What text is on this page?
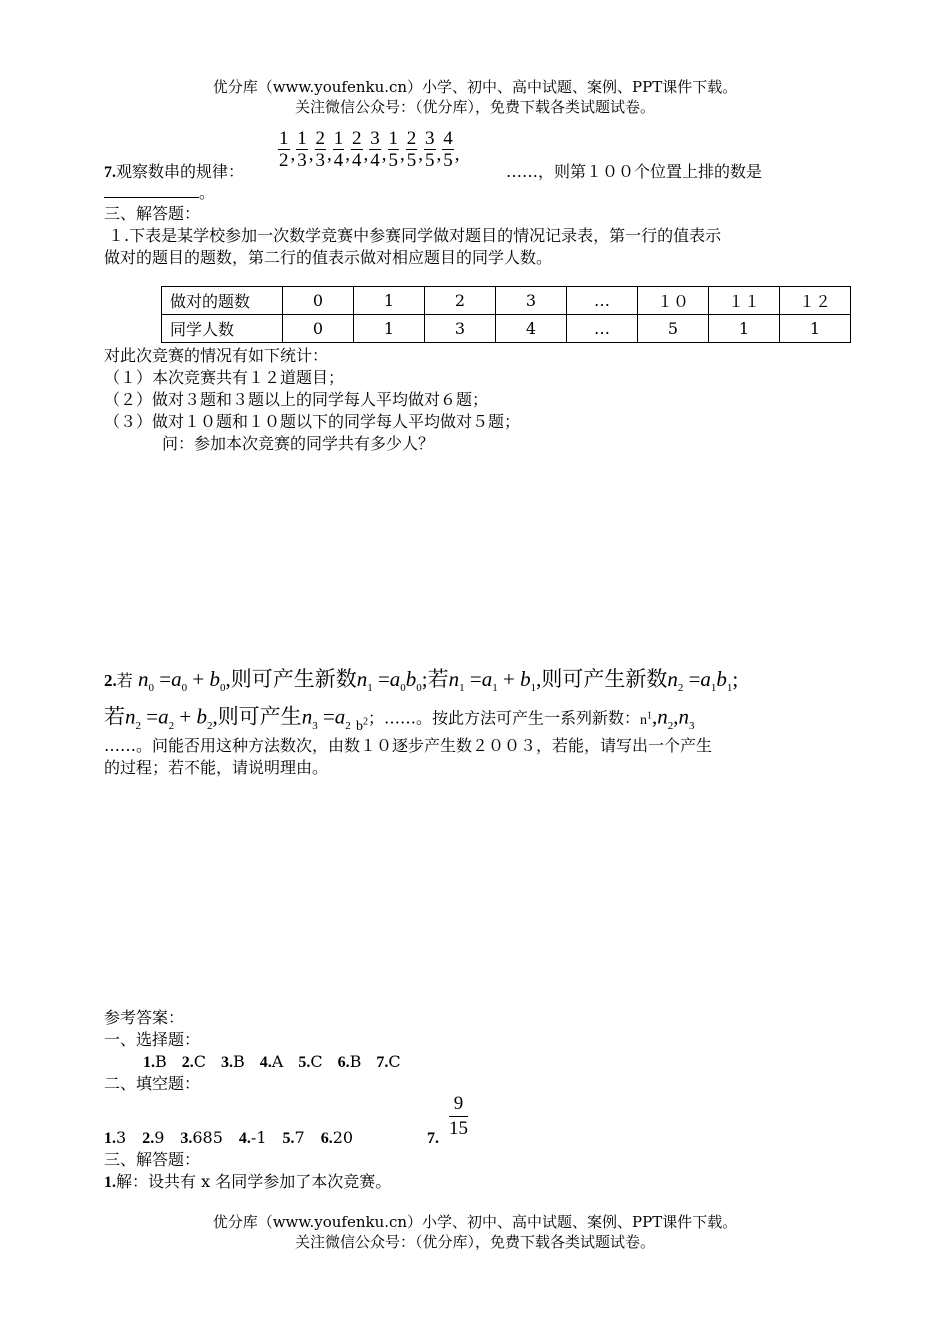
优分库（www.youfenku.cn）小学、初中、高中试题、案例、PPT课件下载。
关注微信公众号：（优分库），免费下载各类试题试卷。
7.观察数串的规律：
$\frac{1}{2}$ , $\frac{1}{3}$ , $\frac{2}{3}$ , $\frac{1}{4}$ , $\frac{2}{4}$ , $\frac{3}{4}$ , $\frac{1}{5}$ , $\frac{2}{5}$ , $\frac{3}{5}$ , $\frac{4}{5}$ ,
……，则第１００个位置上排的数是
。
三、解答题：
１.下表是某学校参加一次数学竞赛中参赛同学做对题目的情况记录表，第一行的值表示
做对的题目的题数，第二行的值表示做对相应题目的同学人数。
做对的题数	0	1	2	3	…	１０	１１	１２
同学人数	0	1	3	4	…	5	1	1
对此次竞赛的情况有如下统计：
（１）本次竞赛共有１２道题目；
（２）做对３题和３题以上的同学每人平均做对６题；
（３）做对１０题和１０题以下的同学每人平均做对５题；
问：参加本次竞赛的同学共有多少人？
2.若 $n_0 =a_0 + b_0$,则可产生新数$n_1 =a_0b_0$;若$n_1 =a_1 + b_1$,则可产生新数$n_2 =a_1b_1$;
若$n_2 =a_2 + b_2$,则可产生$n_3 =a_2$ $_{b^2}$；……。按此方法可产生一系列新数：$n^1,n_2,n_3$
……。问能否用这种方法数次，由数１０逐步产生数２００３，若能，请写出一个产生
的过程；若不能，请说明理由。
参考答案：
一、选择题：
1.B 2.C 3.B 4.A 5.C 6.B 7.C
二、填空题：
1.3 2.9 3.685 4.-1 5.7 6.20	7. $\frac{9}{15}$
三、解答题：
1.解：设共有 x 名同学参加了本次竞赛。
优分库（www.youfenku.cn）小学、初中、高中试题、案例、PPT课件下载。
关注微信公众号：（优分库），免费下载各类试题试卷。
